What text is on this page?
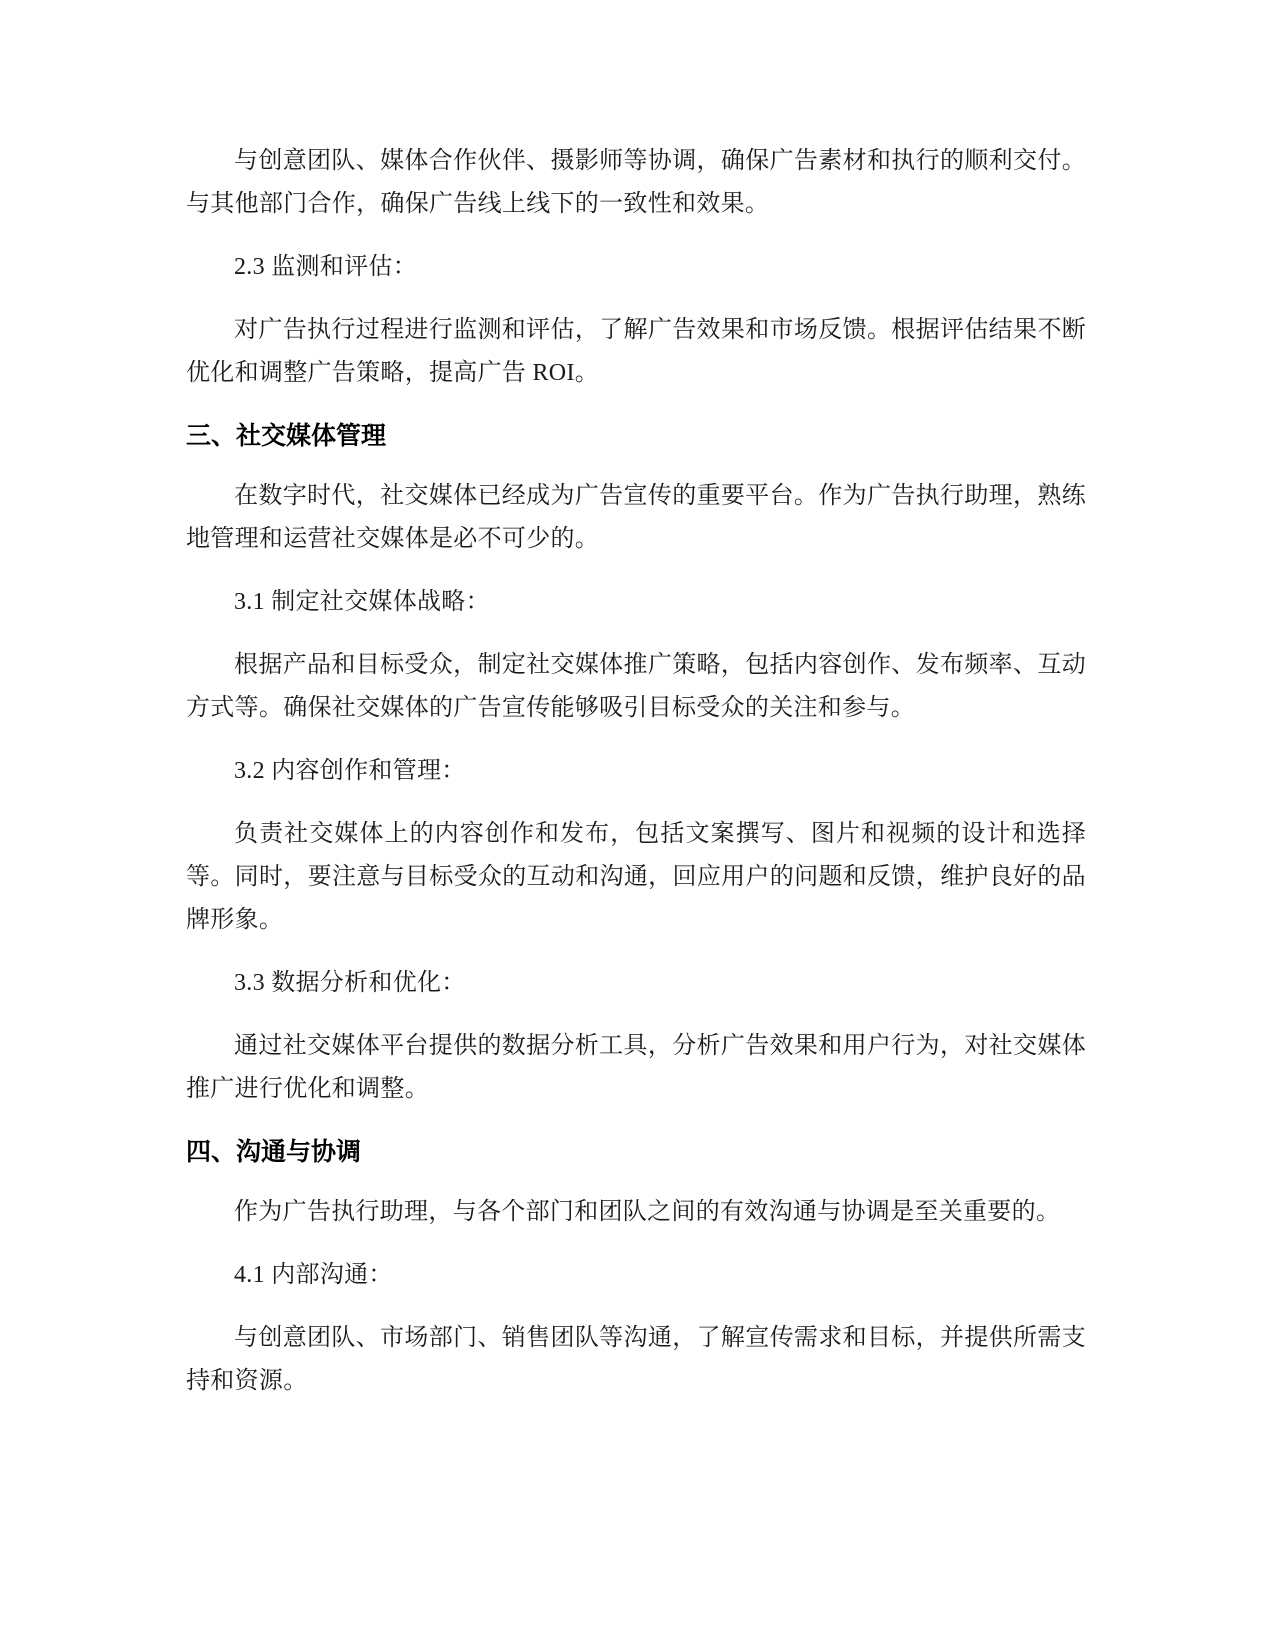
与创意团队、媒体合作伙伴、摄影师等协调，确保广告素材和执行的顺利交付。与其他部门合作，确保广告线上线下的一致性和效果。

2.3 监测和评估：

对广告执行过程进行监测和评估，了解广告效果和市场反馈。根据评估结果不断优化和调整广告策略，提高广告 ROI。

三、社交媒体管理

在数字时代，社交媒体已经成为广告宣传的重要平台。作为广告执行助理，熟练地管理和运营社交媒体是必不可少的。

3.1 制定社交媒体战略：

根据产品和目标受众，制定社交媒体推广策略，包括内容创作、发布频率、互动方式等。确保社交媒体的广告宣传能够吸引目标受众的关注和参与。

3.2 内容创作和管理：

负责社交媒体上的内容创作和发布，包括文案撰写、图片和视频的设计和选择等。同时，要注意与目标受众的互动和沟通，回应用户的问题和反馈，维护良好的品牌形象。

3.3 数据分析和优化：

通过社交媒体平台提供的数据分析工具，分析广告效果和用户行为，对社交媒体推广进行优化和调整。

四、沟通与协调

作为广告执行助理，与各个部门和团队之间的有效沟通与协调是至关重要的。

4.1 内部沟通：

与创意团队、市场部门、销售团队等沟通，了解宣传需求和目标，并提供所需支持和资源。
